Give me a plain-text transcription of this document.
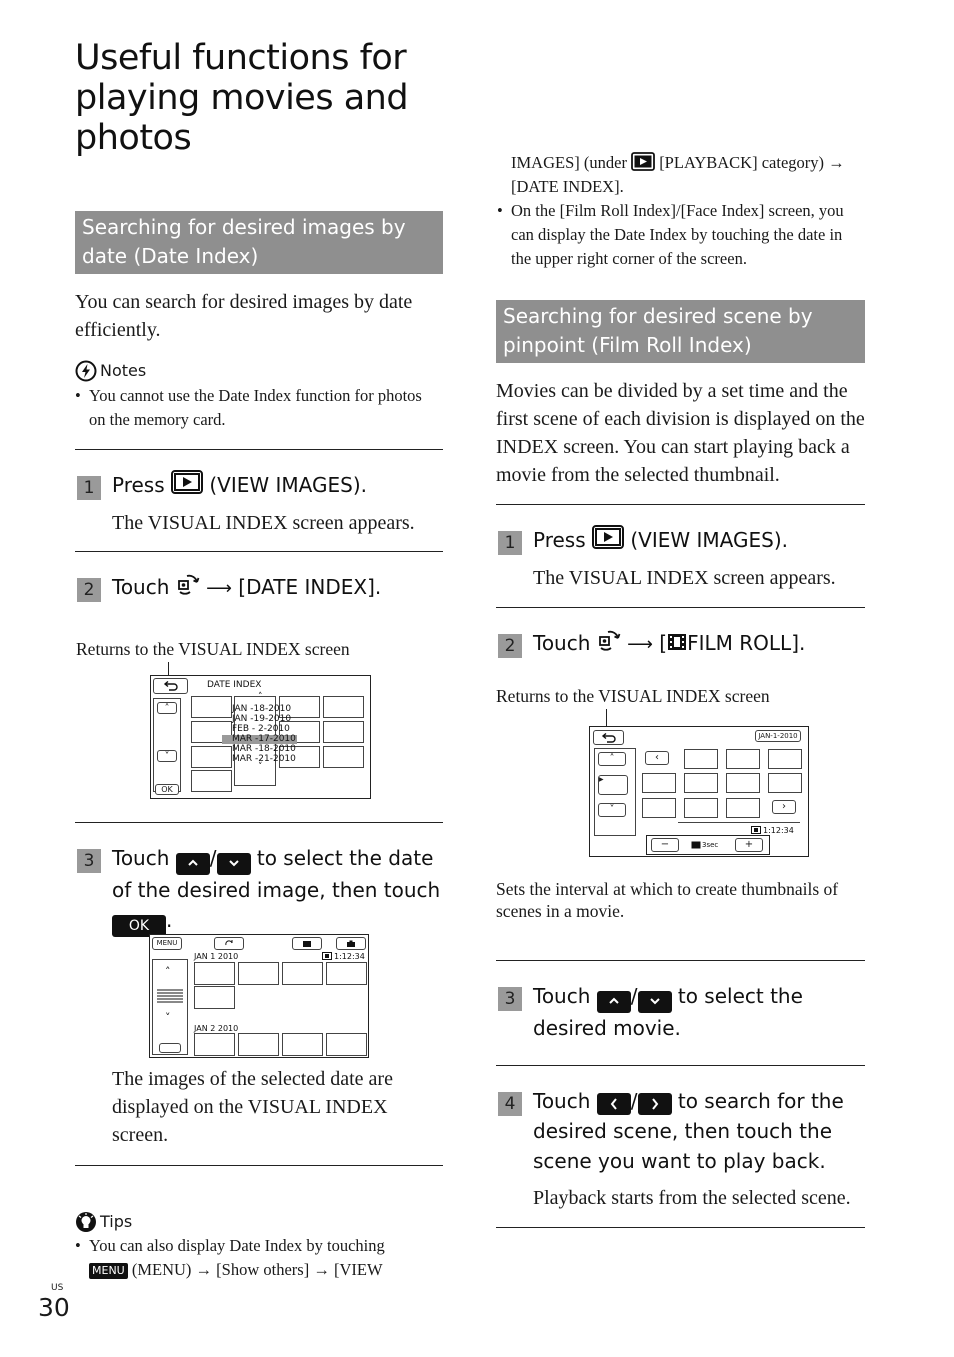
Useful functions for playing movies and photos
Searching for desired images by date (Date Index)
You can search for desired images by date efficiently.
Notes
• You cannot use the Date Index function for photos on the memory card.
1 Press (VIEW IMAGES).
The VISUAL INDEX screen appears.
2 Touch ⟶ [DATE INDEX].
Returns to the VISUAL INDEX screen
DATE INDEX
˄
˅
OK
˄
˅
JAN -18-2010
JAN -19-2010
FEB - 2-2010
MAR -17-2010
MAR -18-2010
MAR -21-2010
3 Touch / to select the date of the desired image, then touch OK .
MENU
JAN 1 2010	1:12:34
˄
˅
JAN 2 2010
The images of the selected date are displayed on the VISUAL INDEX screen.
Tips
• You can also display Date Index by touching
MENU (MENU) → [Show others] → [VIEW
US
30
IMAGES] (under [PLAYBACK] category) → [DATE INDEX].
• On the [Film Roll Index]/[Face Index] screen, you can display the Date Index by touching the date in the upper right corner of the screen.
Searching for desired scene by pinpoint (Film Roll Index)
Movies can be divided by a set time and the first scene of each division is displayed on the INDEX screen. You can start playing back a movie from the selected thumbnail.
1 Press (VIEW IMAGES).
The VISUAL INDEX screen appears.
2 Touch ⟶ [ FILM ROLL].
Returns to the VISUAL INDEX screen
JAN-1-2010
˄
▶
˅
‹
›
1:12:34
−	3sec	+
Sets the interval at which to create thumbnails of scenes in a movie.
3 Touch / to select the desired movie.
4 Touch / to search for the desired scene, then touch the scene you want to play back.
Playback starts from the selected scene.
